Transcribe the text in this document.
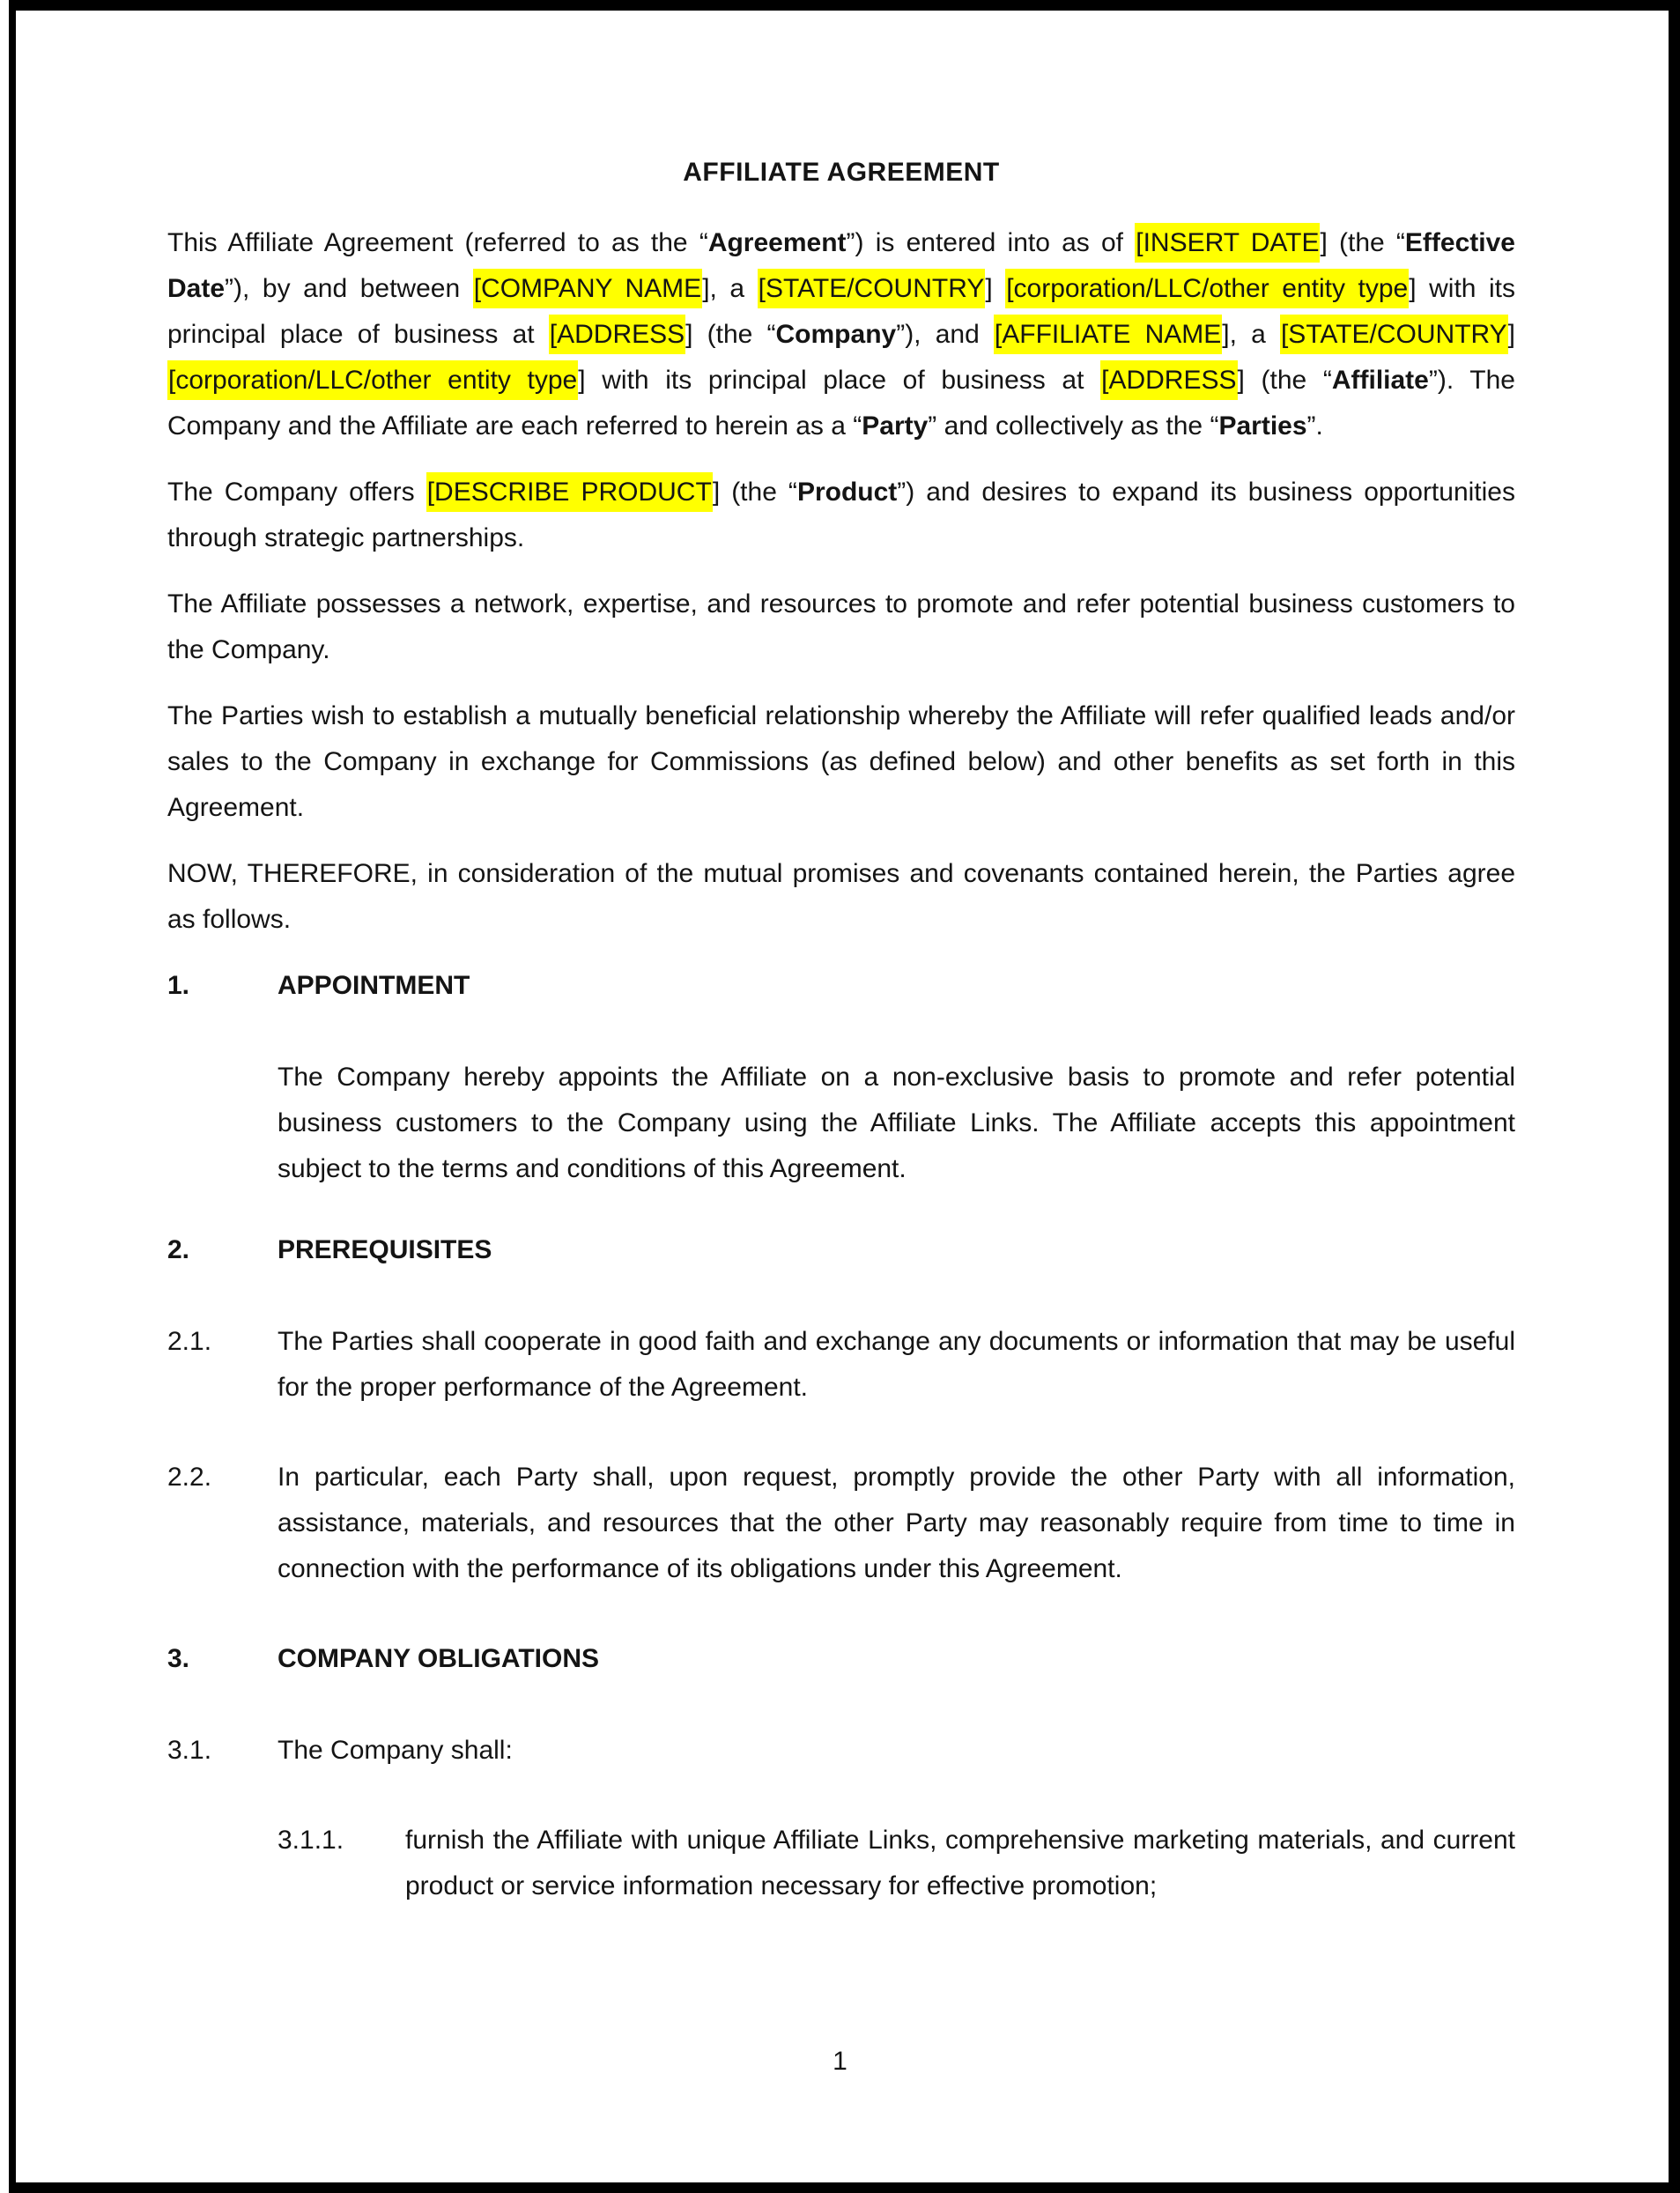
AFFILIATE AGREEMENT

This Affiliate Agreement (referred to as the “Agreement”) is entered into as of [INSERT DATE] (the “Effective Date”), by and between [COMPANY NAME], a [STATE/COUNTRY] [corporation/LLC/other entity type] with its principal place of business at [ADDRESS] (the “Company”), and [AFFILIATE NAME], a [STATE/COUNTRY] [corporation/LLC/other entity type] with its principal place of business at [ADDRESS] (the “Affiliate”). The Company and the Affiliate are each referred to herein as a “Party” and collectively as the “Parties”.

The Company offers [DESCRIBE PRODUCT] (the “Product”) and desires to expand its business opportunities through strategic partnerships.

The Affiliate possesses a network, expertise, and resources to promote and refer potential business customers to the Company.

The Parties wish to establish a mutually beneficial relationship whereby the Affiliate will refer qualified leads and/or sales to the Company in exchange for Commissions (as defined below) and other benefits as set forth in this Agreement.

NOW, THEREFORE, in consideration of the mutual promises and covenants contained herein, the Parties agree as follows.

1.	APPOINTMENT

The Company hereby appoints the Affiliate on a non-exclusive basis to promote and refer potential business customers to the Company using the Affiliate Links. The Affiliate accepts this appointment subject to the terms and conditions of this Agreement.

2.	PREREQUISITES
2.1. The Parties shall cooperate in good faith and exchange any documents or information that may be useful for the proper performance of the Agreement.
2.2. In particular, each Party shall, upon request, promptly provide the other Party with all information, assistance, materials, and resources that the other Party may reasonably require from time to time in connection with the performance of its obligations under this Agreement.
3.	COMPANY OBLIGATIONS
3.1. The Company shall:
3.1.1. furnish the Affiliate with unique Affiliate Links, comprehensive marketing materials, and current product or service information necessary for effective promotion;
1
